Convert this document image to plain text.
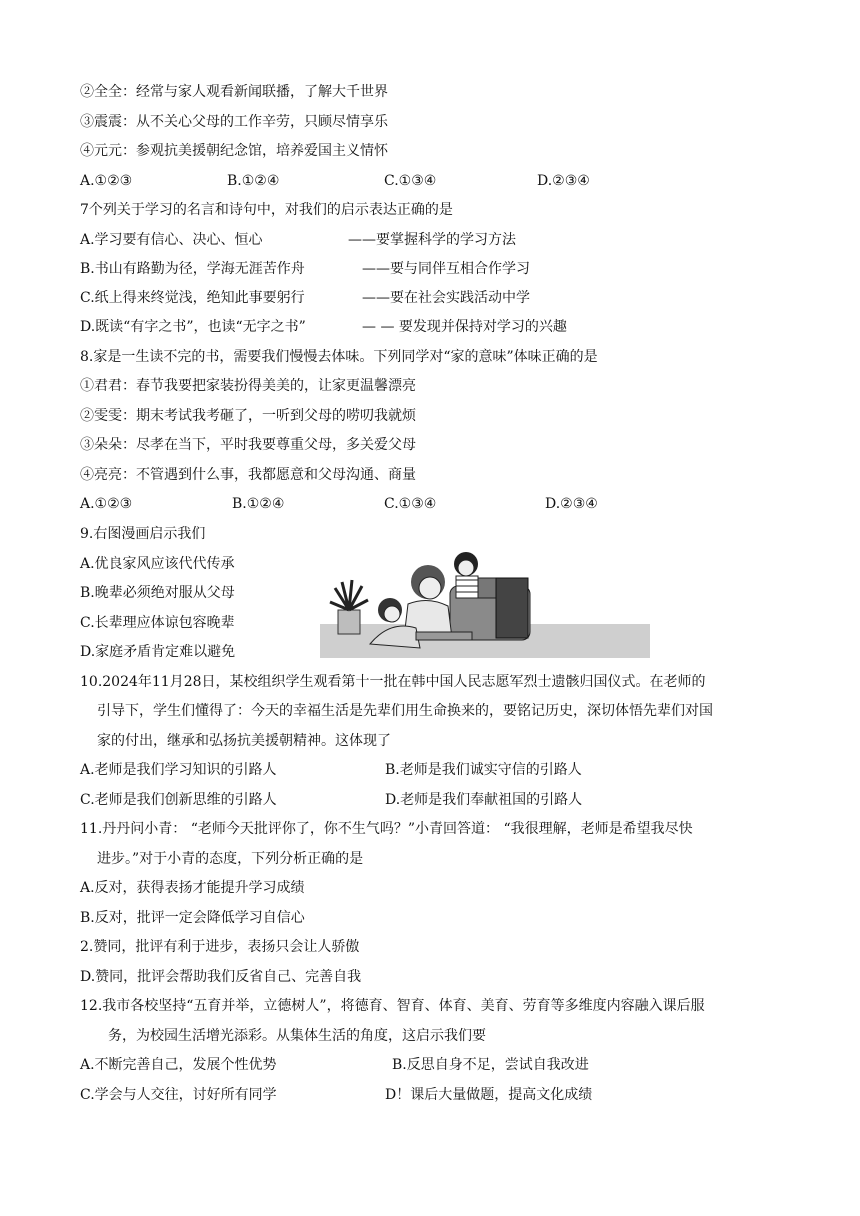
②全全：经常与家人观看新闻联播，了解大千世界
③震震：从不关心父母的工作辛劳，只顾尽情享乐
④元元：参观抗美援朝纪念馆，培养爱国主义情怀
A.①②③	B.①②④	C.①③④	D.②③④
7个列关于学习的名言和诗句中，对我们的启示表达正确的是
A.学习要有信心、决心、恒心	——要掌握科学的学习方法
B.书山有路勤为径，学海无涯苦作舟	——要与同伴互相合作学习
C.纸上得来终觉浅，绝知此事要躬行	——要在社会实践活动中学
D.既读“有字之书”，也读“无字之书”	— — 要发现并保持对学习的兴趣
8.家是一生读不完的书，需要我们慢慢去体味。下列同学对“家的意味”体味正确的是
①君君：春节我要把家装扮得美美的，让家更温馨漂亮
②雯雯：期末考试我考砸了，一听到父母的唠叨我就烦
③朵朵：尽孝在当下，平时我要尊重父母，多关爱父母
④亮亮：不管遇到什么事，我都愿意和父母沟通、商量
A.①②③	B.①②④	C.①③④	D.②③④
9.右图漫画启示我们
A.优良家风应该代代传承
B.晚辈必须绝对服从父母
C.长辈理应体谅包容晚辈
D.家庭矛盾肯定难以避免
10.2024年11月28日，某校组织学生观看第十一批在韩中国人民志愿军烈士遗骸归国仪式。在老师的
引导下，学生们懂得了：今天的幸福生活是先辈们用生命换来的，要铭记历史，深切体悟先辈们对国
家的付出，继承和弘扬抗美援朝精神。这体现了
A.老师是我们学习知识的引路人	B.老师是我们诚实守信的引路人
C.老师是我们创新思维的引路人	D.老师是我们奉献祖国的引路人
11.丹丹问小青： “老师今天批评你了，你不生气吗？”小青回答道： “我很理解，老师是希望我尽快
进步。”对于小青的态度，下列分析正确的是
A.反对，获得表扬才能提升学习成绩
B.反对，批评一定会降低学习自信心
2.赞同，批评有利于进步，表扬只会让人骄傲
D.赞同，批评会帮助我们反省自己、完善自我
12.我市各校坚持“五育并举，立德树人”，将德育、智育、体育、美育、劳育等多维度内容融入课后服
务，为校园生活增光添彩。从集体生活的角度，这启示我们要
A.不断完善自己，发展个性优势	B.反思自身不足，尝试自我改进
C.学会与人交往，讨好所有同学	D！课后大量做题，提高文化成绩
